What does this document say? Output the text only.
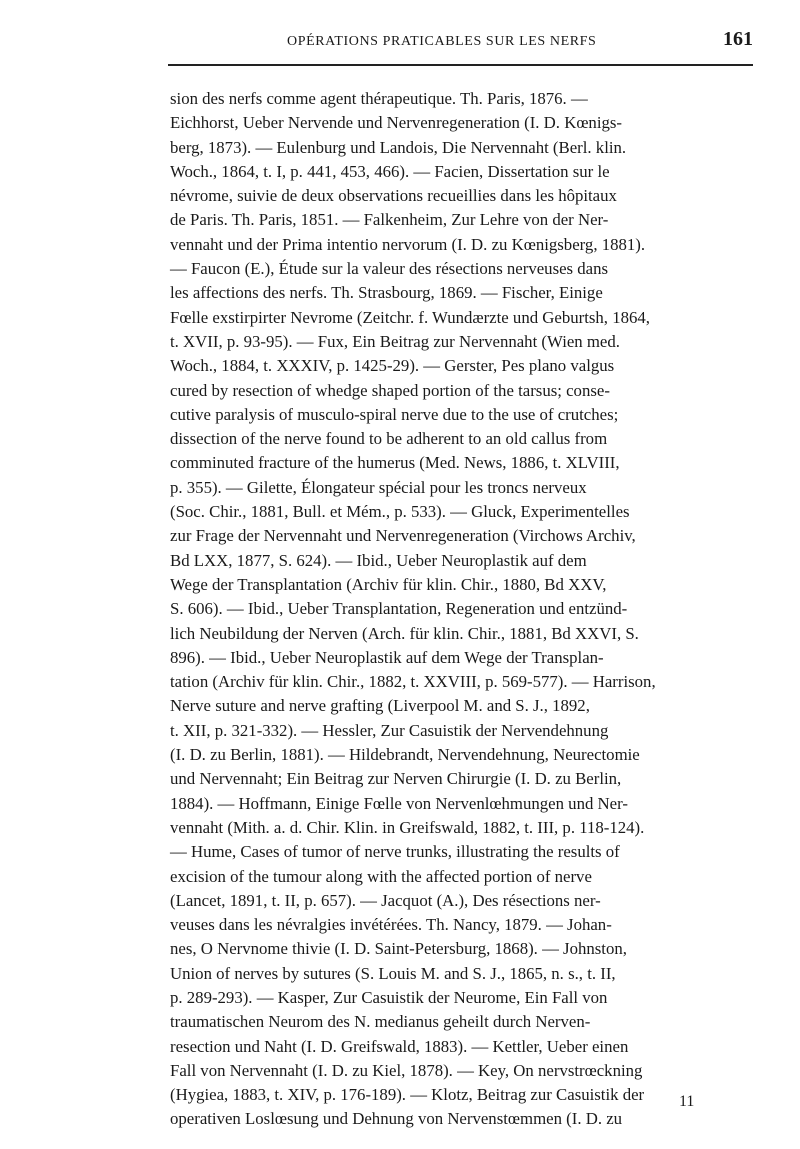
OPÉRATIONS PRATICABLES SUR LES NERFS	161

sion des nerfs comme agent thérapeutique. Th. Paris, 1876. —
Eichhorst, Ueber Nervende und Nervenregeneration (I. D. Kœnigs-
berg, 1873). — Eulenburg und Landois, Die Nervennaht (Berl. klin.
Woch., 1864, t. I, p. 441, 453, 466). — Facien, Dissertation sur le
névrome, suivie de deux observations recueillies dans les hôpitaux
de Paris. Th. Paris, 1851. — Falkenheim, Zur Lehre von der Ner-
vennaht und der Prima intentio nervorum (I. D. zu Kœnigsberg, 1881).
— Faucon (E.), Étude sur la valeur des résections nerveuses dans
les affections des nerfs. Th. Strasbourg, 1869. — Fischer, Einige
Fœlle exstirpirter Nevrome (Zeitchr. f. Wundærzte und Geburtsh, 1864,
t. XVII, p. 93-95). — Fux, Ein Beitrag zur Nervennaht (Wien med.
Woch., 1884, t. XXXIV, p. 1425-29). — Gerster, Pes plano valgus
cured by resection of whedge shaped portion of the tarsus; conse-
cutive paralysis of musculo-spiral nerve due to the use of crutches;
dissection of the nerve found to be adherent to an old callus from
comminuted fracture of the humerus (Med. News, 1886, t. XLVIII,
p. 355). — Gilette, Élongateur spécial pour les troncs nerveux
(Soc. Chir., 1881, Bull. et Mém., p. 533). — Gluck, Experimentelles
zur Frage der Nervennaht und Nervenregeneration (Virchows Archiv,
Bd LXX, 1877, S. 624). — Ibid., Ueber Neuroplastik auf dem
Wege der Transplantation (Archiv für klin. Chir., 1880, Bd XXV,
S. 606). — Ibid., Ueber Transplantation, Regeneration und entzünd-
lich Neubildung der Nerven (Arch. für klin. Chir., 1881, Bd XXVI, S.
896). — Ibid., Ueber Neuroplastik auf dem Wege der Transplan-
tation (Archiv für klin. Chir., 1882, t. XXVIII, p. 569-577). — Harrison,
Nerve suture and nerve grafting (Liverpool M. and S. J., 1892,
t. XII, p. 321-332). — Hessler, Zur Casuistik der Nervendehnung
(I. D. zu Berlin, 1881). — Hildebrandt, Nervendehnung, Neurectomie
und Nervennaht; Ein Beitrag zur Nerven Chirurgie (I. D. zu Berlin,
1884). — Hoffmann, Einige Fœlle von Nervenlœhmungen und Ner-
vennaht (Mith. a. d. Chir. Klin. in Greifswald, 1882, t. III, p. 118-124).
— Hume, Cases of tumor of nerve trunks, illustrating the results of
excision of the tumour along with the affected portion of nerve
(Lancet, 1891, t. II, p. 657). — Jacquot (A.), Des résections ner-
veuses dans les névralgies invétérées. Th. Nancy, 1879. — Johan-
nes, O Nervnome thivie (I. D. Saint-Petersburg, 1868). — Johnston,
Union of nerves by sutures (S. Louis M. and S. J., 1865, n. s., t. II,
p. 289-293). — Kasper, Zur Casuistik der Neurome, Ein Fall von
traumatischen Neurom des N. medianus geheilt durch Nerven-
resection und Naht (I. D. Greifswald, 1883). — Kettler, Ueber einen
Fall von Nervennaht (I. D. zu Kiel, 1878). — Key, On nervstrœckning
(Hygiea, 1883, t. XIV, p. 176-189). — Klotz, Beitrag zur Casuistik der
operativen Loslœsung und Dehnung von Nervenstœmmen (I. D. zu

11
